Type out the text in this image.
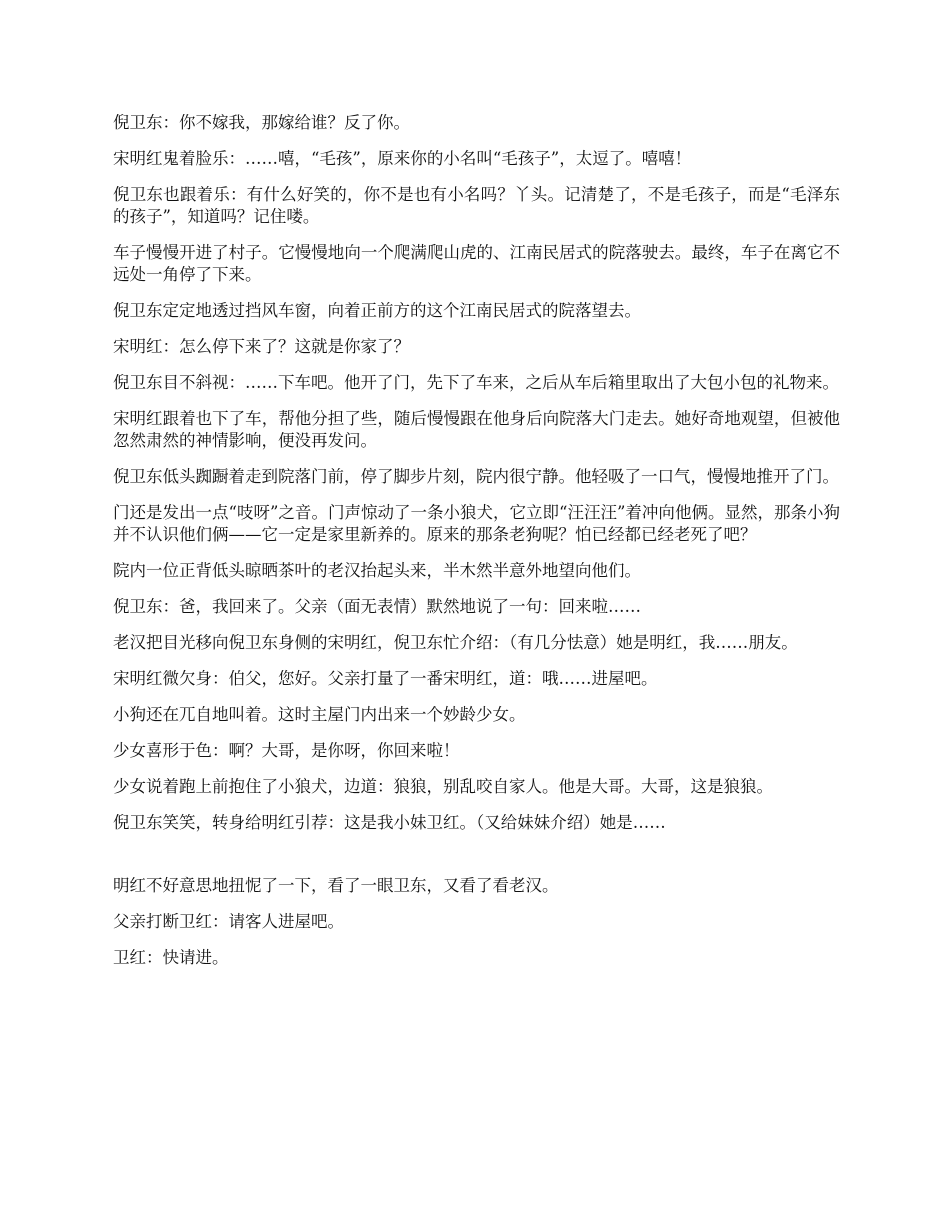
倪卫东：你不嫁我，那嫁给谁？反了你。

宋明红鬼着脸乐：……嘻，“毛孩”，原来你的小名叫“毛孩子”，太逗了。嘻嘻！

倪卫东也跟着乐：有什么好笑的，你不是也有小名吗？丫头。记清楚了，不是毛孩子，而是“毛泽东的孩子”，知道吗？记住喽。

车子慢慢开进了村子。它慢慢地向一个爬满爬山虎的、江南民居式的院落驶去。最终，车子在离它不远处一角停了下来。

倪卫东定定地透过挡风车窗，向着正前方的这个江南民居式的院落望去。

宋明红：怎么停下来了？这就是你家了？

倪卫东目不斜视：……下车吧。他开了门，先下了车来，之后从车后箱里取出了大包小包的礼物来。

宋明红跟着也下了车，帮他分担了些，随后慢慢跟在他身后向院落大门走去。她好奇地观望，但被他忽然肃然的神情影响，便没再发问。

倪卫东低头踟蹰着走到院落门前，停了脚步片刻，院内很宁静。他轻吸了一口气，慢慢地推开了门。

门还是发出一点“吱呀”之音。门声惊动了一条小狼犬，它立即“汪汪汪”着冲向他俩。显然，那条小狗并不认识他们俩——它一定是家里新养的。原来的那条老狗呢？怕已经都已经老死了吧？

院内一位正背低头晾晒茶叶的老汉抬起头来，半木然半意外地望向他们。

倪卫东：爸，我回来了。父亲（面无表情）默然地说了一句：回来啦……

老汉把目光移向倪卫东身侧的宋明红，倪卫东忙介绍：（有几分怯意）她是明红，我……朋友。

宋明红微欠身：伯父，您好。父亲打量了一番宋明红，道：哦……进屋吧。

小狗还在兀自地叫着。这时主屋门内出来一个妙龄少女。

少女喜形于色：啊？大哥，是你呀，你回来啦！

少女说着跑上前抱住了小狼犬，边道：狼狼，别乱咬自家人。他是大哥。大哥，这是狼狼。

倪卫东笑笑，转身给明红引荐：这是我小妹卫红。（又给妹妹介绍）她是……

明红不好意思地扭怩了一下，看了一眼卫东，又看了看老汉。

父亲打断卫红：请客人进屋吧。

卫红：快请进。
